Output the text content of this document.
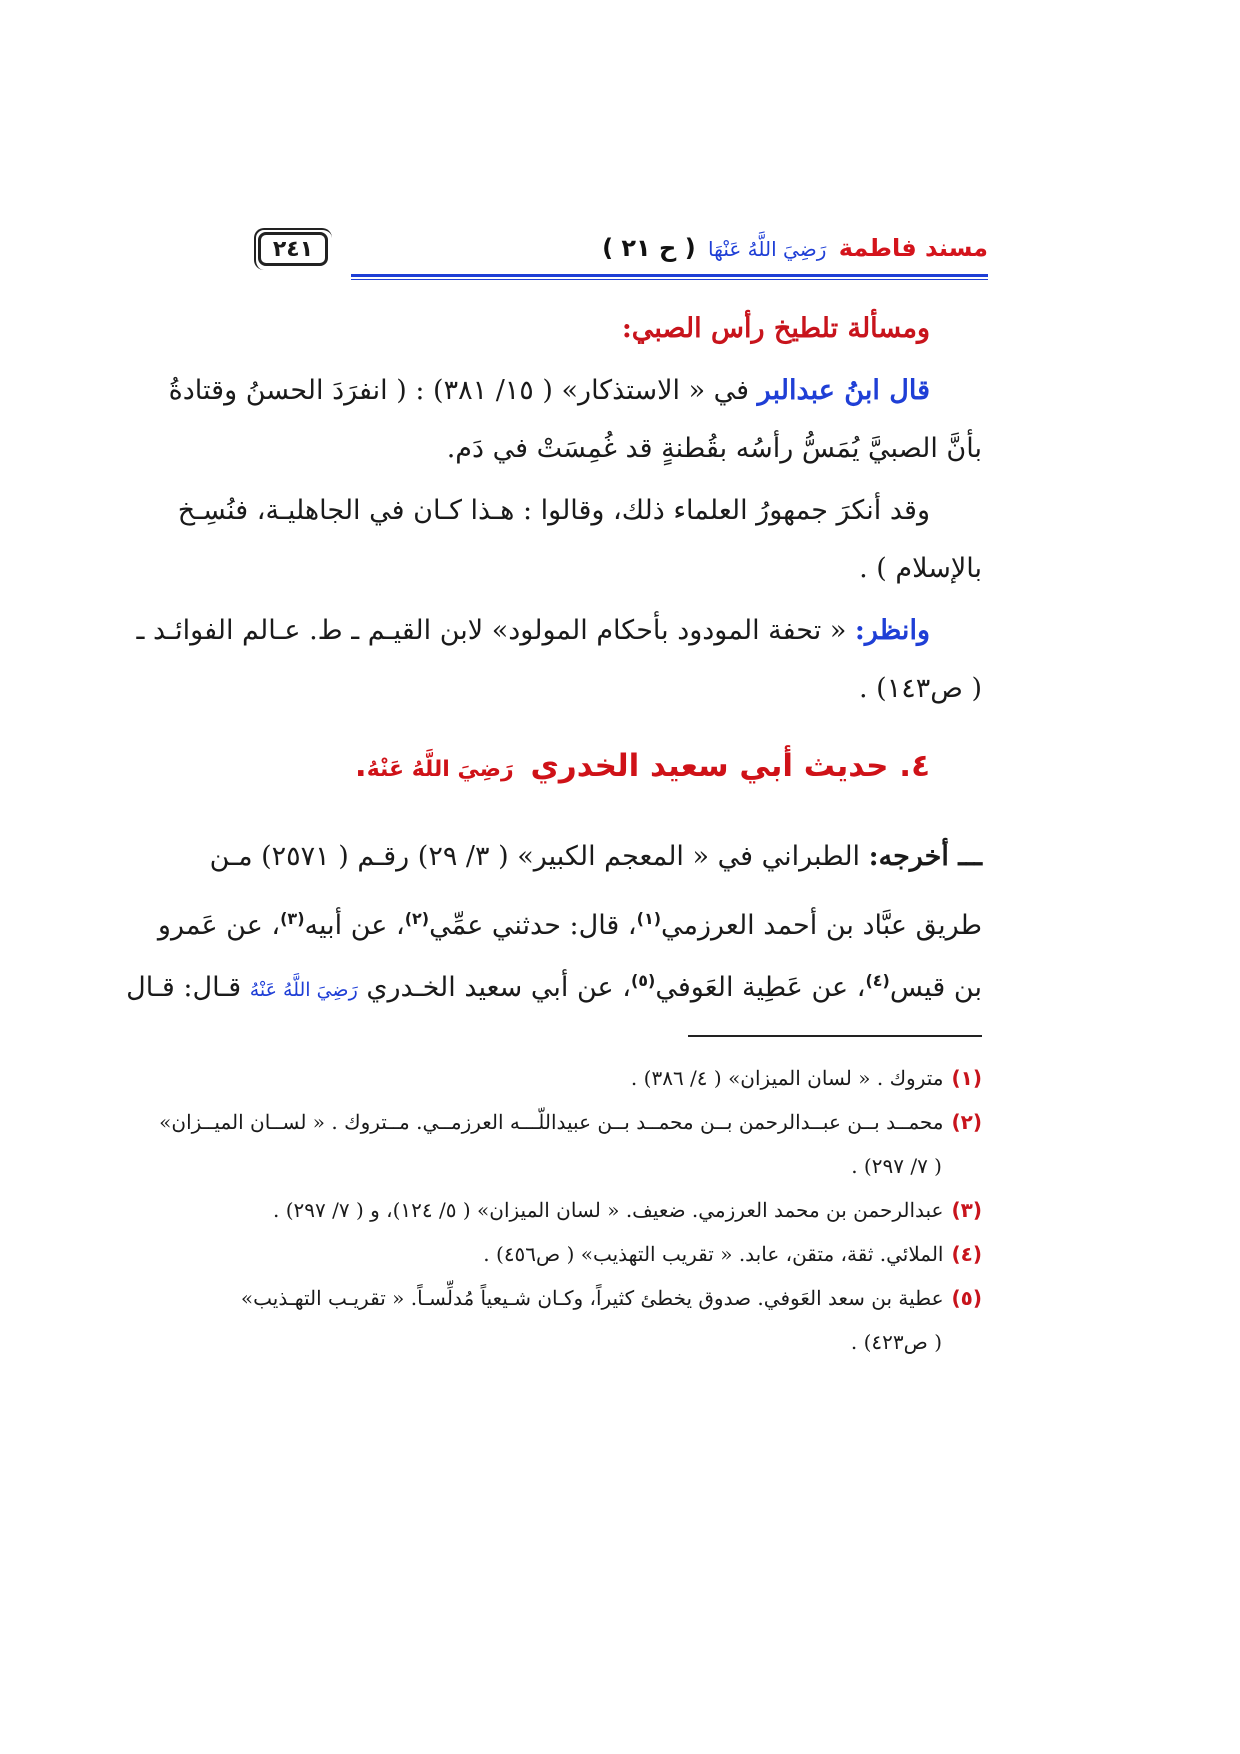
٢٤١	مسند فاطمة رَضِيَ اللَّهُ عَنْهَا ( ح ٢١ )
ومسألة تلطيخ رأس الصبي:
قال ابنُ عبدالبر في « الاستذكار» ( ١٥/ ٣٨١) : ( انفرَدَ الحسنُ وقتادةُ
بأنَّ الصبيَّ يُمَسُّ رأسُه بقُطنةٍ قد غُمِسَتْ في دَم.
وقد أنكرَ جمهورُ العلماء ذلك، وقالوا : هـذا كـان في الجاهليـة، فنُسِـخ
بالإسلام ) .
وانظر: « تحفة المودود بأحكام المولود» لابن القيـم ـ ط. عـالم الفوائـد ـ
( ص١٤٣) .
٤. حديث أبي سعيد الخدري رَضِيَ اللَّهُ عَنْهُ.
ـــ أخرجه: الطبراني في « المعجم الكبير» ( ٣/ ٢٩) رقـم ( ٢٥٧١) مـن
طريق عبَّاد بن أحمد العرزمي$^{(١)}$، قال: حدثني عمِّي$^{(٢)}$، عن أبيه$^{(٣)}$، عن عَمرو
بن قيس$^{(٤)}$، عن عَطِية العَوفي$^{(٥)}$، عن أبي سعيد الخـدري رَضِيَ اللَّهُ عَنْهُ قـال: قـال
(١)متروك . « لسان الميزان» ( ٤/ ٣٨٦) .
(٢)محمــد بــن عبــدالرحمن بــن محمــد بــن عبيداللّـــه العرزمــي. مــتروك . « لســان الميــزان»
( ٧/ ٢٩٧) .
(٣)عبدالرحمن بن محمد العرزمي. ضعيف. « لسان الميزان» ( ٥/ ١٢٤)، و ( ٧/ ٢٩٧) .
(٤)الملائي. ثقة، متقن، عابد. « تقريب التهذيب» ( ص٤٥٦) .
(٥)عطية بن سعد العَوفي. صدوق يخطئ كثيراً، وكـان شـيعياً مُدلِّسـاً. « تقريـب التهـذيب»
( ص٤٢٣) .
